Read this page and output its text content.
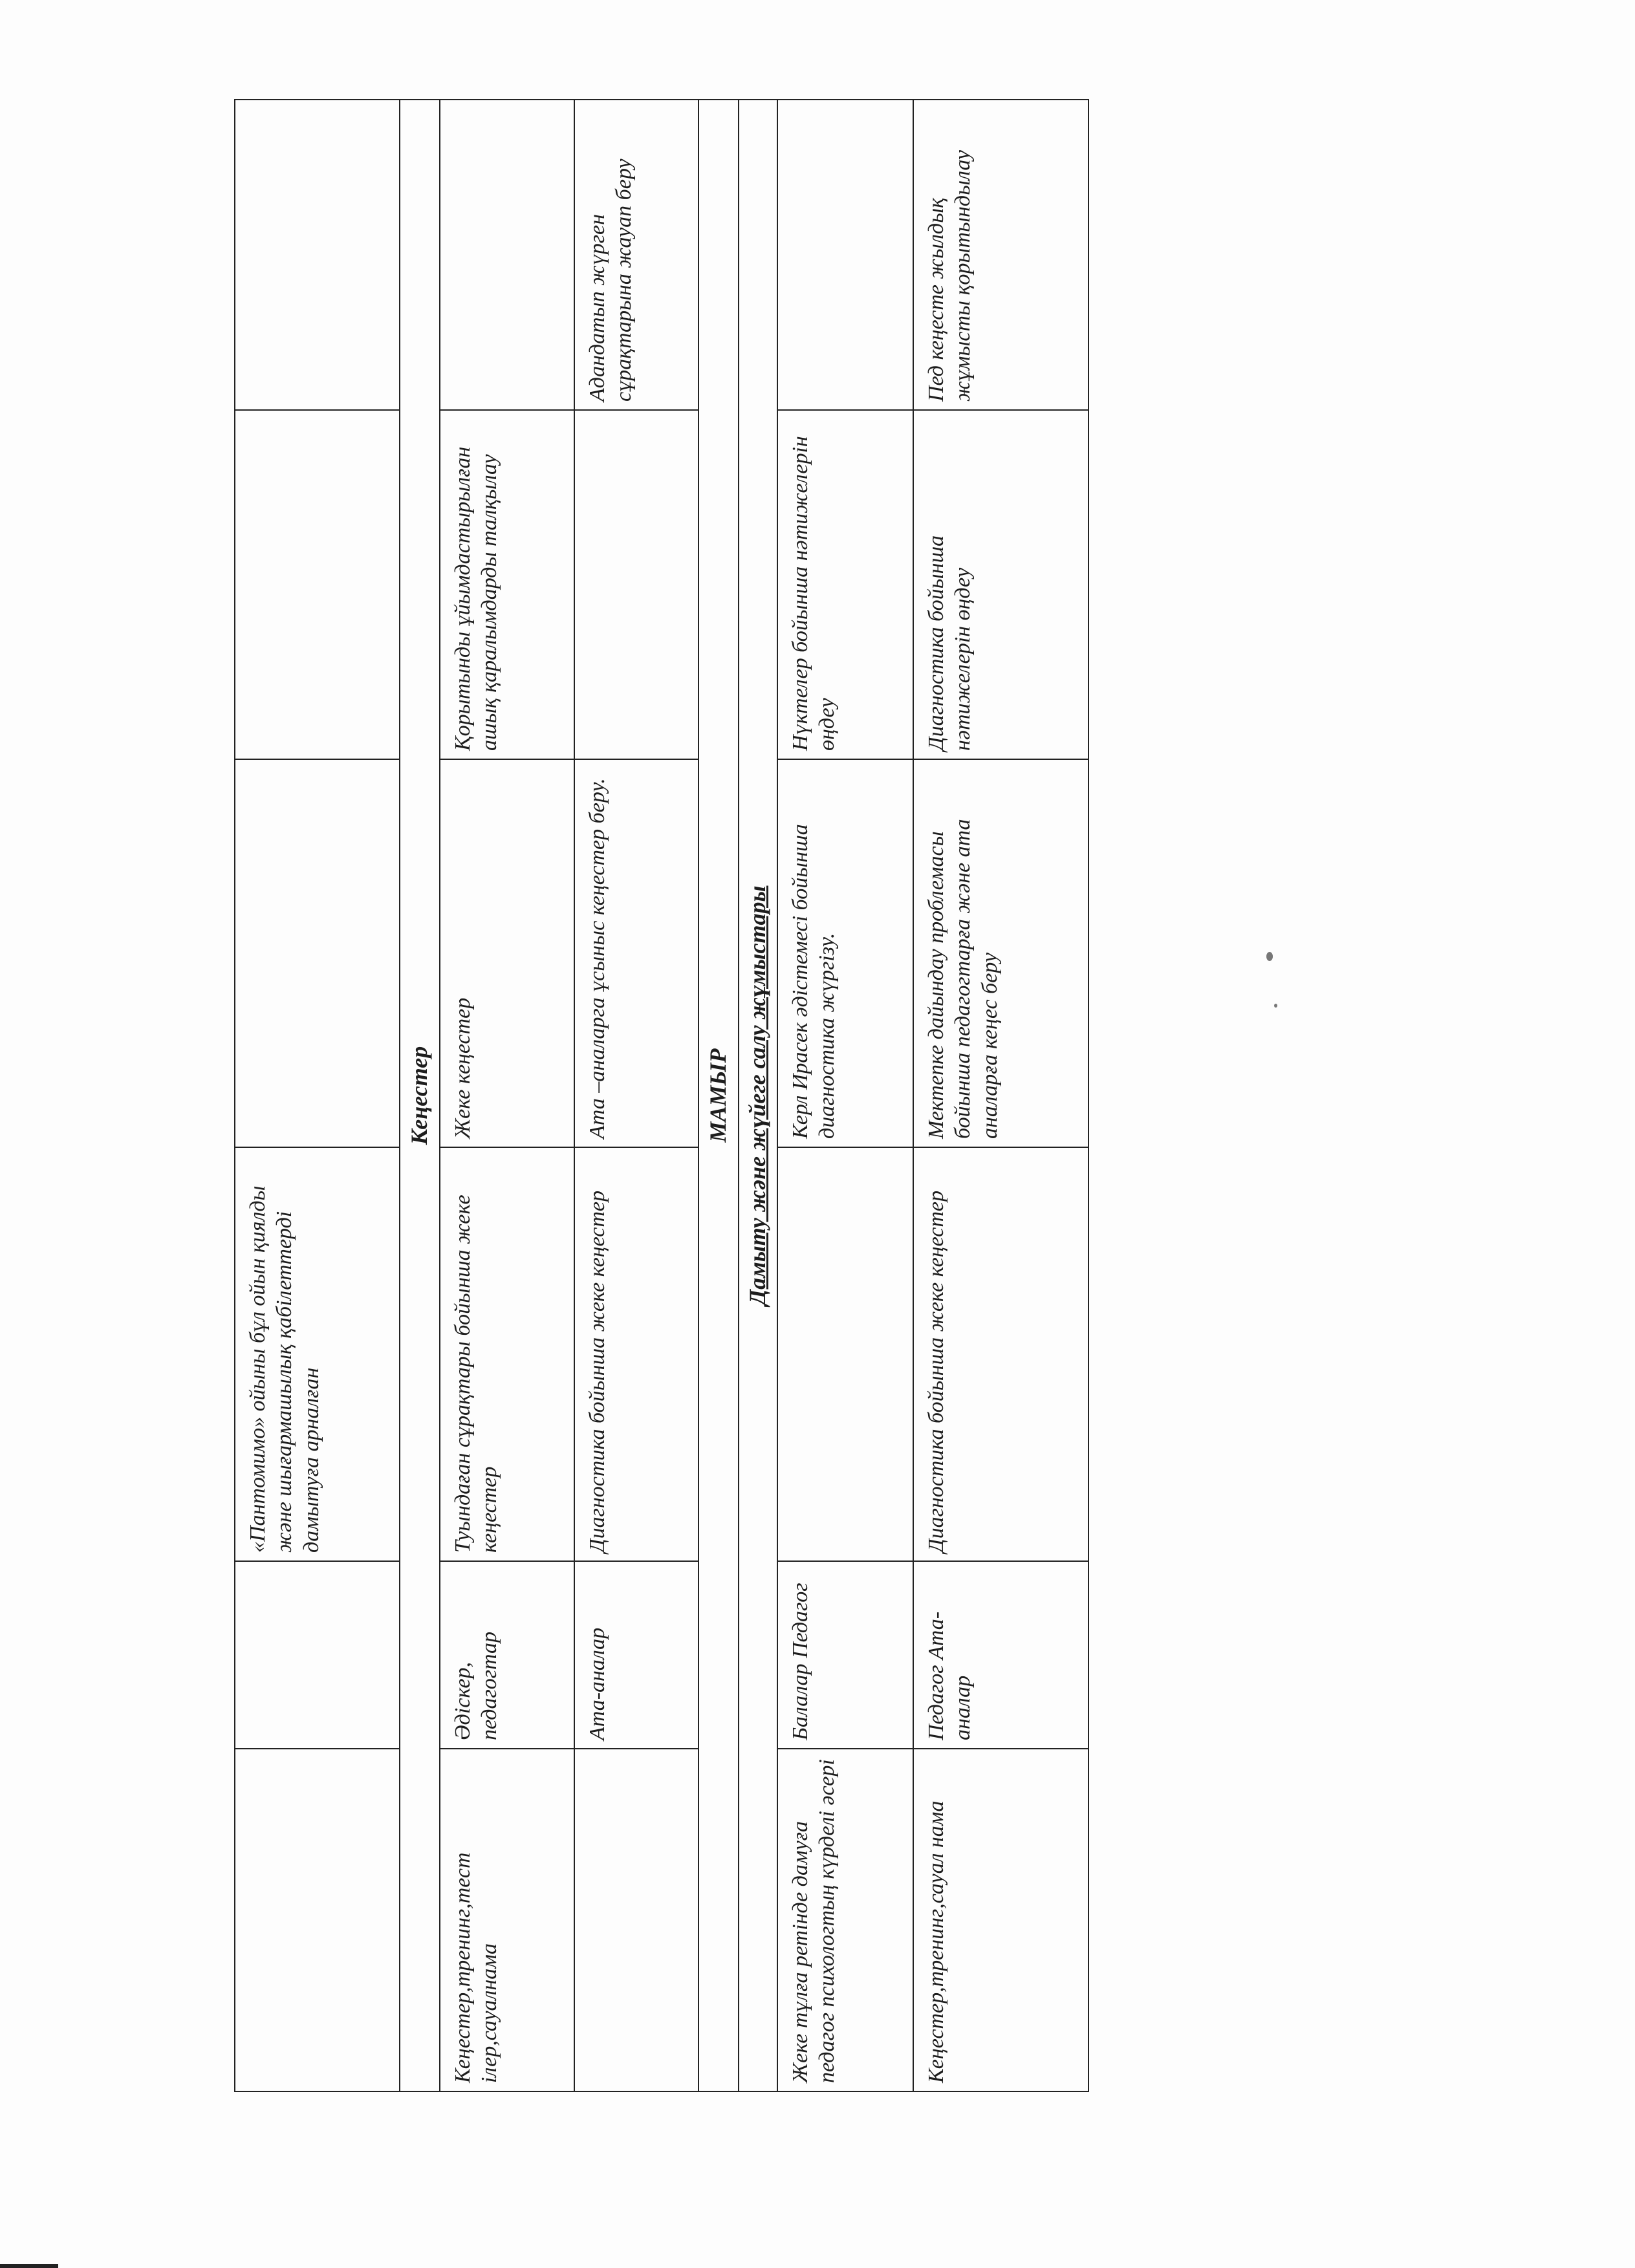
		«Пантомимо» ойыны бұл ойын қиялды және шығармашылық қабілеттерді дамытуға арналған			
Кеңестер					
Кеңестер,тренинг,тест iлер,сауалнама	Әдіскер, педагогтар	Туындаған сұрақтары бойынша жеке кеңестер	Жеке кеңестер	Қорытынды ұйымдастырылған ашық қаралымдарды талқылау	
	Ата-аналар	Диагностика бойынша жеке кеңестер	Ата –аналарга ұсыныс кеңестер беру.		Адандатып жүрген сұрақтарына жауап беру
МАМЫР					
Дамыту және жүйеге салу жұмыстары					
Жеке тұлға ретінде дамуға педагог психологтың күрделі әсері	Балалар Педагог		Керл Ирасек әдістемесі бойынша диагностика жүргізу.	Нүктелер бойынша нәтижелерін өңдеу	
Кеңестер,тренинг,сауал нама	Педагог Ата-аналар	Диагностика бойынша жеке кеңестер	Мектепке дайындау проблемасы бойынша педагогтарға және ата аналарға кеңес беру	Диагностика бойынша нәтижелерін өңдеу	Пед кеңесте жылдық жұмысты қорытындылау
